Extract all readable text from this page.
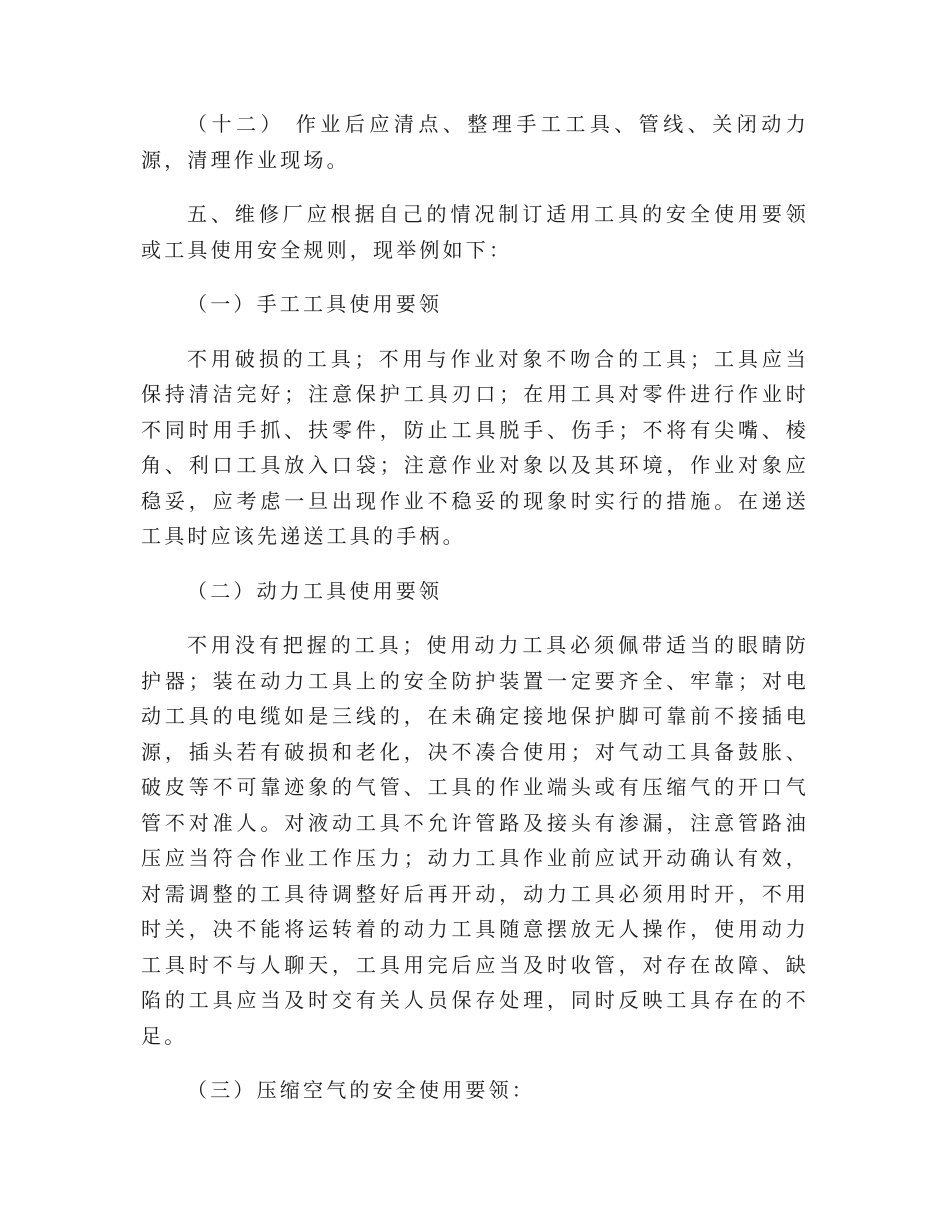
（十二） 作业后应清点、整理手工工具、管线、关闭动力源，清理作业现场。

五、维修厂应根据自己的情况制订适用工具的安全使用要领或工具使用安全规则，现举例如下：

（一）手工工具使用要领

不用破损的工具；不用与作业对象不吻合的工具；工具应当保持清洁完好；注意保护工具刃口；在用工具对零件进行作业时不同时用手抓、扶零件，防止工具脱手、伤手；不将有尖嘴、棱角、利口工具放入口袋；注意作业对象以及其环境，作业对象应稳妥，应考虑一旦出现作业不稳妥的现象时实行的措施。在递送工具时应该先递送工具的手柄。

（二）动力工具使用要领

不用没有把握的工具；使用动力工具必须佩带适当的眼睛防护器；装在动力工具上的安全防护装置一定要齐全、牢靠；对电动工具的电缆如是三线的，在未确定接地保护脚可靠前不接插电源，插头若有破损和老化，决不凑合使用；对气动工具备鼓胀、破皮等不可靠迹象的气管、工具的作业端头或有压缩气的开口气管不对准人。对液动工具不允许管路及接头有渗漏，注意管路油压应当符合作业工作压力；动力工具作业前应试开动确认有效，对需调整的工具待调整好后再开动，动力工具必须用时开，不用时关，决不能将运转着的动力工具随意摆放无人操作，使用动力工具时不与人聊天，工具用完后应当及时收管，对存在故障、缺陷的工具应当及时交有关人员保存处理，同时反映工具存在的不足。

（三）压缩空气的安全使用要领：
